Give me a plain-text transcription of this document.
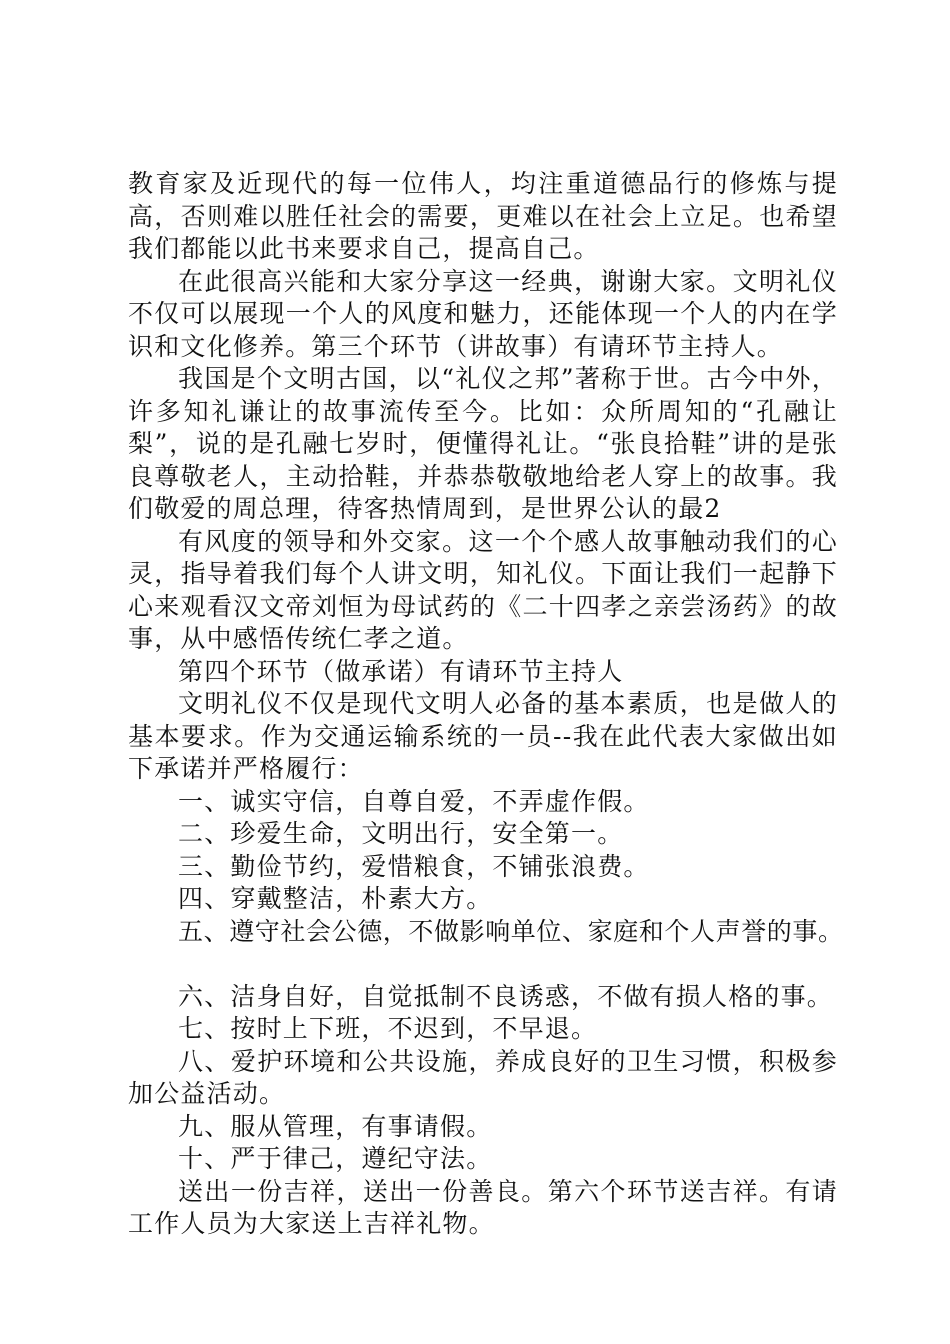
教育家及近现代的每一位伟人，均注重道德品行的修炼与提高，否则难以胜任社会的需要，更难以在社会上立足。也希望我们都能以此书来要求自己，提高自己。

在此很高兴能和大家分享这一经典，谢谢大家。文明礼仪不仅可以展现一个人的风度和魅力，还能体现一个人的内在学识和文化修养。第三个环节（讲故事）有请环节主持人。

我国是个文明古国，以“礼仪之邦”著称于世。古今中外，许多知礼谦让的故事流传至今。比如：众所周知的“孔融让梨”，说的是孔融七岁时，便懂得礼让。“张良拾鞋”讲的是张良尊敬老人，主动拾鞋，并恭恭敬敬地给老人穿上的故事。我们敬爱的周总理，待客热情周到，是世界公认的最2

有风度的领导和外交家。这一个个感人故事触动我们的心灵，指导着我们每个人讲文明，知礼仪。下面让我们一起静下心来观看汉文帝刘恒为母试药的《二十四孝之亲尝汤药》的故事，从中感悟传统仁孝之道。

第四个环节（做承诺）有请环节主持人

文明礼仪不仅是现代文明人必备的基本素质，也是做人的基本要求。作为交通运输系统的一员--我在此代表大家做出如下承诺并严格履行：

一、诚实守信，自尊自爱，不弄虚作假。

二、珍爱生命，文明出行，安全第一。

三、勤俭节约，爱惜粮食，不铺张浪费。

四、穿戴整洁，朴素大方。

五、遵守社会公德，不做影响单位、家庭和个人声誉的事。

六、洁身自好，自觉抵制不良诱惑，不做有损人格的事。

七、按时上下班，不迟到，不早退。

八、爱护环境和公共设施，养成良好的卫生习惯，积极参加公益活动。

九、服从管理，有事请假。

十、严于律己，遵纪守法。

送出一份吉祥，送出一份善良。第六个环节送吉祥。有请工作人员为大家送上吉祥礼物。
